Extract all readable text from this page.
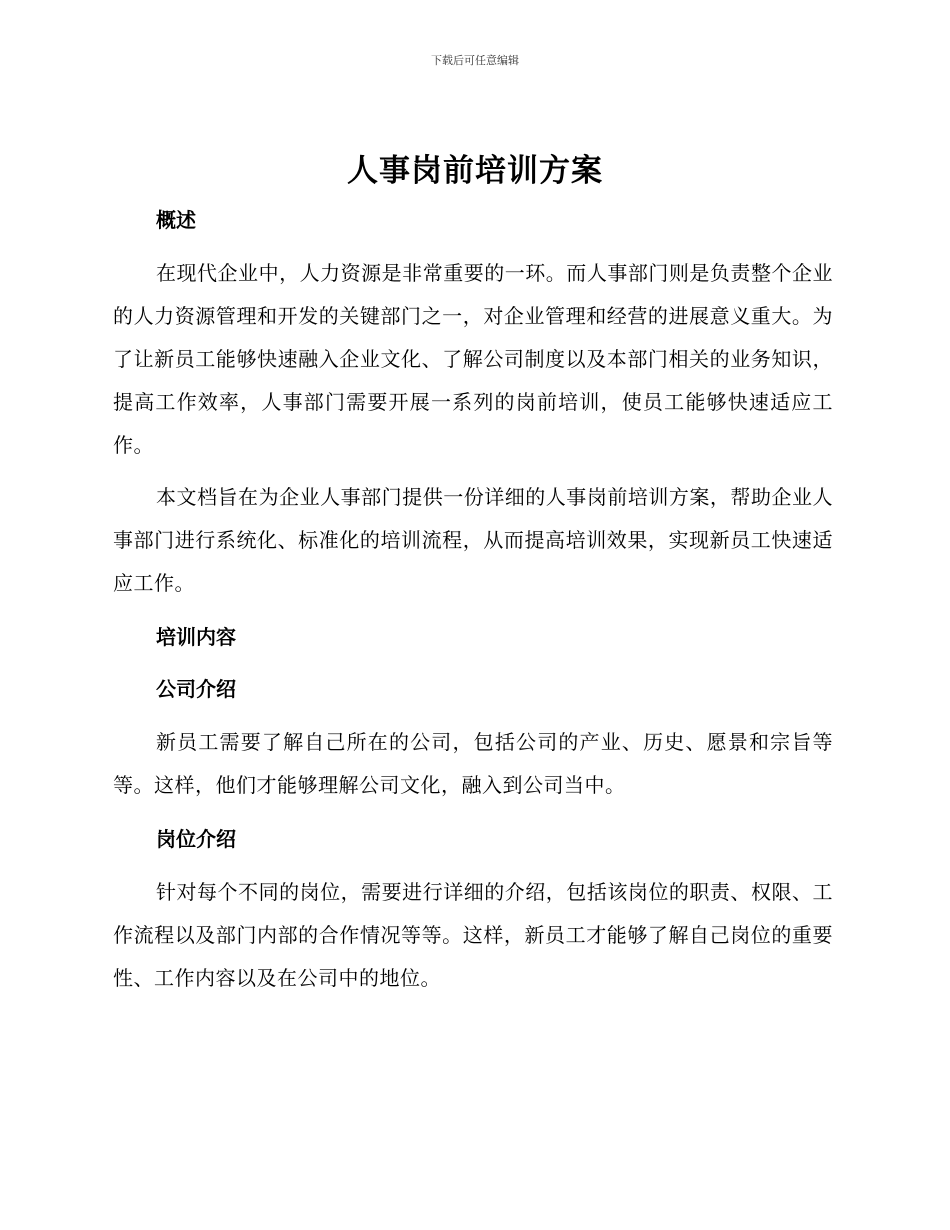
下载后可任意编辑
人事岗前培训方案
概述

在现代企业中，人力资源是非常重要的一环。而人事部门则是负责整个企业的人力资源管理和开发的关键部门之一，对企业管理和经营的进展意义重大。为了让新员工能够快速融入企业文化、了解公司制度以及本部门相关的业务知识，提高工作效率，人事部门需要开展一系列的岗前培训，使员工能够快速适应工作。

本文档旨在为企业人事部门提供一份详细的人事岗前培训方案，帮助企业人事部门进行系统化、标准化的培训流程，从而提高培训效果，实现新员工快速适应工作。

培训内容
公司介绍

新员工需要了解自己所在的公司，包括公司的产业、历史、愿景和宗旨等等。这样，他们才能够理解公司文化，融入到公司当中。

岗位介绍

针对每个不同的岗位，需要进行详细的介绍，包括该岗位的职责、权限、工作流程以及部门内部的合作情况等等。这样，新员工才能够了解自己岗位的重要性、工作内容以及在公司中的地位。
